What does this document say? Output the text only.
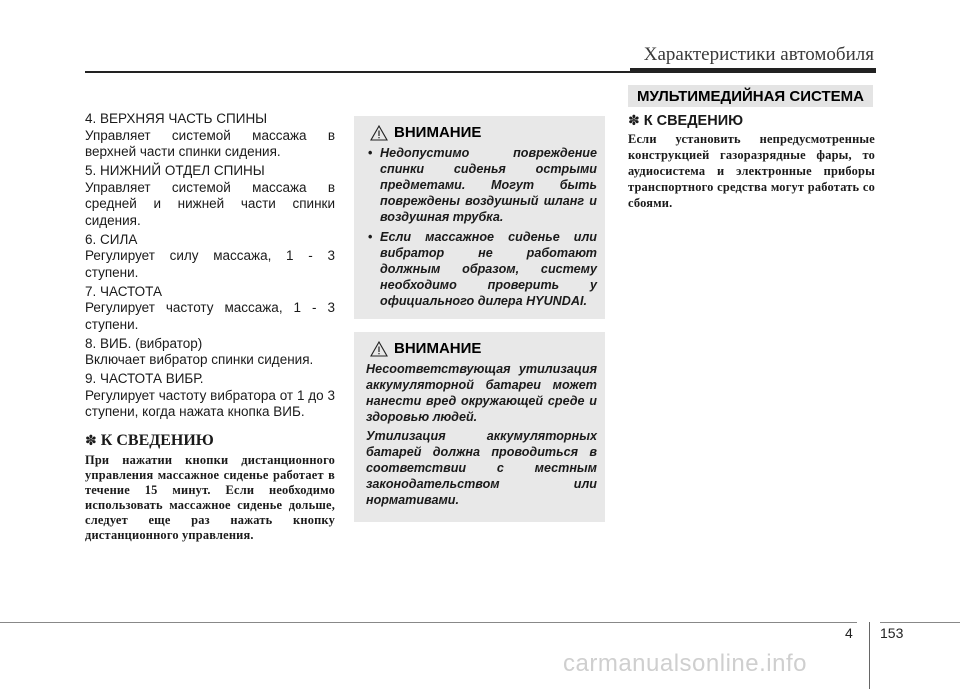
Характеристики автомобиля
МУЛЬТИМЕДИЙНАЯ СИСТЕМА

4. ВЕРХНЯЯ ЧАСТЬ СПИНЫ

Управляет системой массажа в верхней части спинки сидения.

5. НИЖНИЙ ОТДЕЛ СПИНЫ

Управляет системой массажа в средней и нижней части спинки сидения.

6. СИЛА

Регулирует силу массажа, 1 - 3 ступени.

7. ЧАСТОТА

Регулирует частоту массажа, 1 - 3 ступени.

8. ВИБ. (вибратор)

Включает вибратор спинки сидения.

9. ЧАСТОТА ВИБР.

Регулирует частоту вибратора от 1 до 3 ступени, когда нажата кнопка ВИБ.

✽ К СВЕДЕНИЮ
При нажатии кнопки дистанционного управления массажное сиденье работает в течение 15 минут. Если необходимо использовать массажное сиденье дольше, следует еще раз нажать кнопку дистанционного управления.
ВНИМАНИЕ
• Недопустимо повреждение спинки сиденья острыми предметами. Могут быть повреждены воздушный шланг и воздушная трубка.
• Если массажное сиденье или вибратор не работают должным образом, систему необходимо проверить у официального дилера HYUNDAI.
ВНИМАНИЕ

Несоответствующая утилизация аккумуляторной батареи может нанести вред окружающей среде и здоровью людей.

Утилизация аккумуляторных батарей должна проводиться в соответствии с местным законодательством или нормативами.

✽ К СВЕДЕНИЮ
Если установить непредусмотренные конструкцией газоразрядные фары, то аудиосистема и электронные приборы транспортного средства могут работать со сбоями.
4 153
carmanualsonline.info
